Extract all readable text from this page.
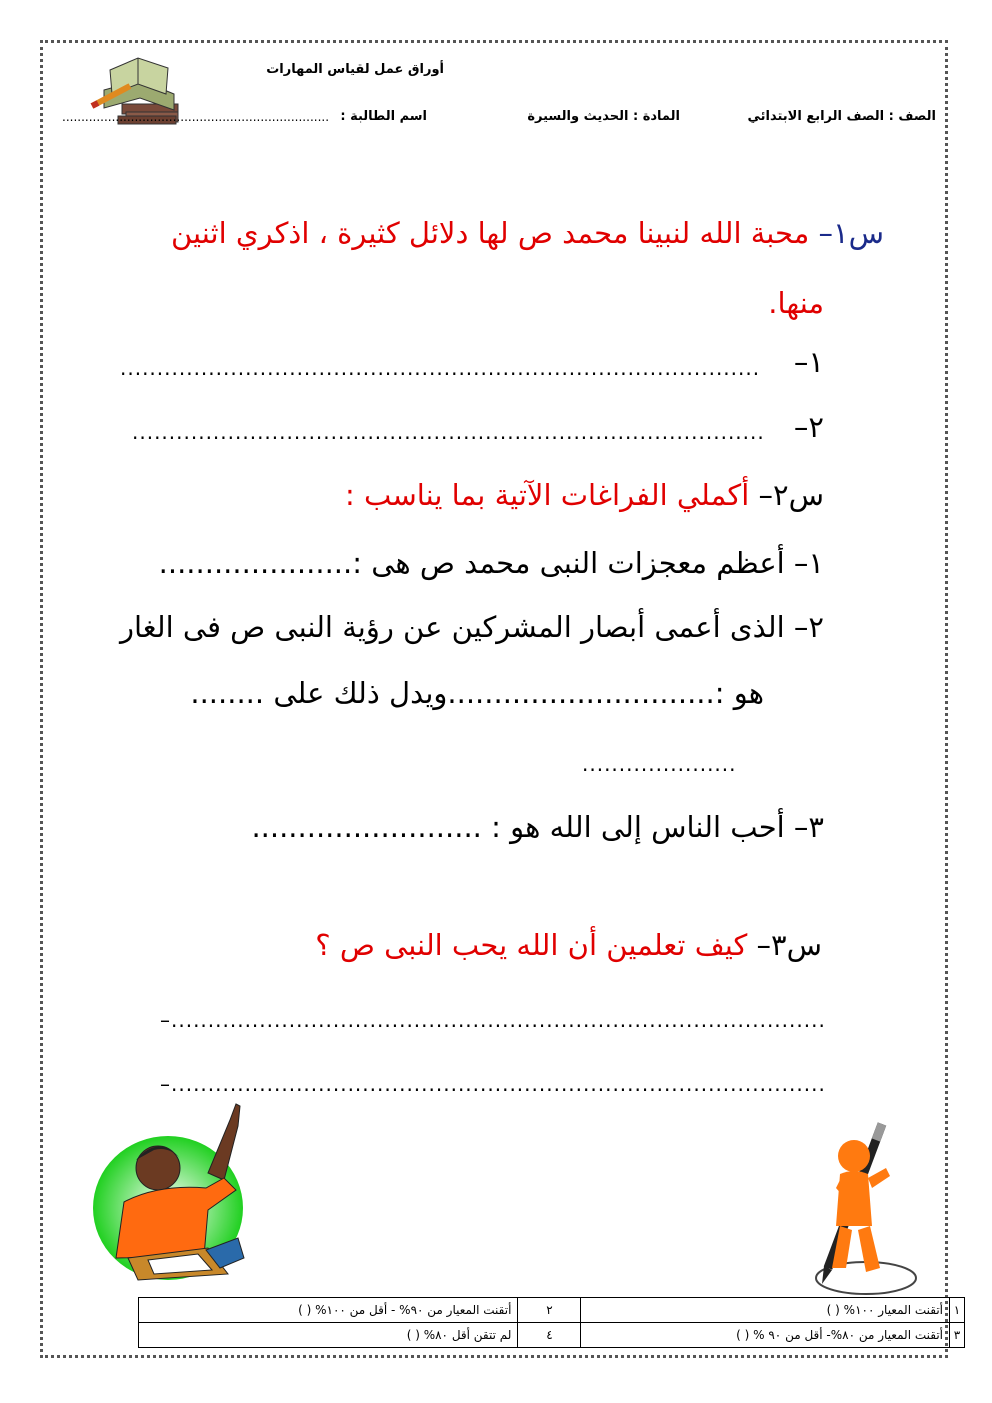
أوراق عمل لقياس المهارات
الصف : الصف الرابع الابتدائي
المادة : الحديث والسيرة
اسم الطالبة :
......................................................................
س١– محبة الله لنبينا محمد ص لها دلائل كثيرة ، اذكري اثنين
منها.
١–
.......................................................................................
٢–
......................................................................................
س٢– أكملي الفراغات الآتية بما يناسب :
١– أعظم معجزات النبى محمد ص هى :.....................
٢– الذى أعمى أبصار المشركين عن رؤية النبى ص فى الغار
هو :.............................ويدل ذلك على ........
.....................
٣– أحب الناس إلى الله هو : .........................
س٣– كيف تعلمين أن الله يحب النبى ص ؟
–.........................................................................................
–.........................................................................................
١	أتقنت المعيار ١٠٠% ( )	٢	أتقنت المعيار من ٩٠% - أقل من ١٠٠% ( )
٣	أتقنت المعيار من ٨٠%- أقل من ٩٠ % ( )	٤	لم تتقن أقل ٨٠% ( )
